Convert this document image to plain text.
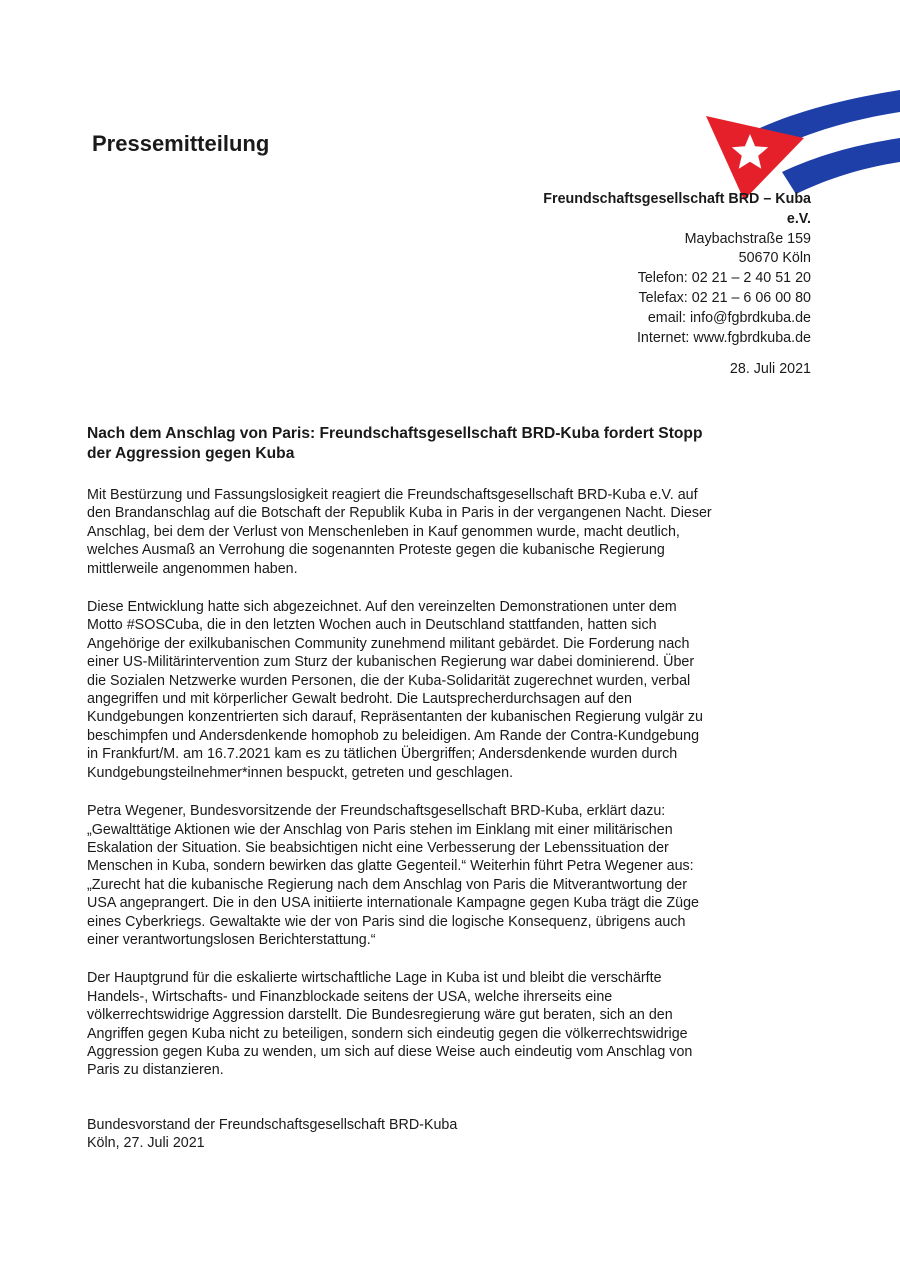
Pressemitteilung
Freundschaftsgesellschaft BRD – Kuba
e.V.
Maybachstraße 159
50670 Köln
Telefon: 02 21 – 2 40 51 20
Telefax: 02 21 – 6 06 00 80
email: info@fgbrdkuba.de
Internet: www.fgbrdkuba.de
28. Juli 2021
Nach dem Anschlag von Paris: Freundschaftsgesellschaft BRD-Kuba fordert Stopp
der Aggression gegen Kuba

Mit Bestürzung und Fassungslosigkeit reagiert die Freundschaftsgesellschaft BRD-Kuba e.V. auf
den Brandanschlag auf die Botschaft der Republik Kuba in Paris in der vergangenen Nacht. Dieser
Anschlag, bei dem der Verlust von Menschenleben in Kauf genommen wurde, macht deutlich,
welches Ausmaß an Verrohung die sogenannten Proteste gegen die kubanische Regierung
mittlerweile angenommen haben.

Diese Entwicklung hatte sich abgezeichnet. Auf den vereinzelten Demonstrationen unter dem
Motto #SOSCuba, die in den letzten Wochen auch in Deutschland stattfanden, hatten sich
Angehörige der exilkubanischen Community zunehmend militant gebärdet. Die Forderung nach
einer US-Militärintervention zum Sturz der kubanischen Regierung war dabei dominierend. Über
die Sozialen Netzwerke wurden Personen, die der Kuba-Solidarität zugerechnet wurden, verbal
angegriffen und mit körperlicher Gewalt bedroht. Die Lautsprecherdurchsagen auf den
Kundgebungen konzentrierten sich darauf, Repräsentanten der kubanischen Regierung vulgär zu
beschimpfen und Andersdenkende homophob zu beleidigen. Am Rande der Contra-Kundgebung
in Frankfurt/M. am 16.7.2021 kam es zu tätlichen Übergriffen; Andersdenkende wurden durch
Kundgebungsteilnehmer*innen bespuckt, getreten und geschlagen.

Petra Wegener, Bundesvorsitzende der Freundschaftsgesellschaft BRD-Kuba, erklärt dazu:
„Gewalttätige Aktionen wie der Anschlag von Paris stehen im Einklang mit einer militärischen
Eskalation der Situation. Sie beabsichtigen nicht eine Verbesserung der Lebenssituation der
Menschen in Kuba, sondern bewirken das glatte Gegenteil.“ Weiterhin führt Petra Wegener aus:
„Zurecht hat die kubanische Regierung nach dem Anschlag von Paris die Mitverantwortung der
USA angeprangert. Die in den USA initiierte internationale Kampagne gegen Kuba trägt die Züge
eines Cyberkriegs. Gewaltakte wie der von Paris sind die logische Konsequenz, übrigens auch
einer verantwortungslosen Berichterstattung.“

Der Hauptgrund für die eskalierte wirtschaftliche Lage in Kuba ist und bleibt die verschärfte
Handels-, Wirtschafts- und Finanzblockade seitens der USA, welche ihrerseits eine
völkerrechtswidrige Aggression darstellt. Die Bundesregierung wäre gut beraten, sich an den
Angriffen gegen Kuba nicht zu beteiligen, sondern sich eindeutig gegen die völkerrechtswidrige
Aggression gegen Kuba zu wenden, um sich auf diese Weise auch eindeutig vom Anschlag von
Paris zu distanzieren.

Bundesvorstand der Freundschaftsgesellschaft BRD-Kuba
Köln, 27. Juli 2021
